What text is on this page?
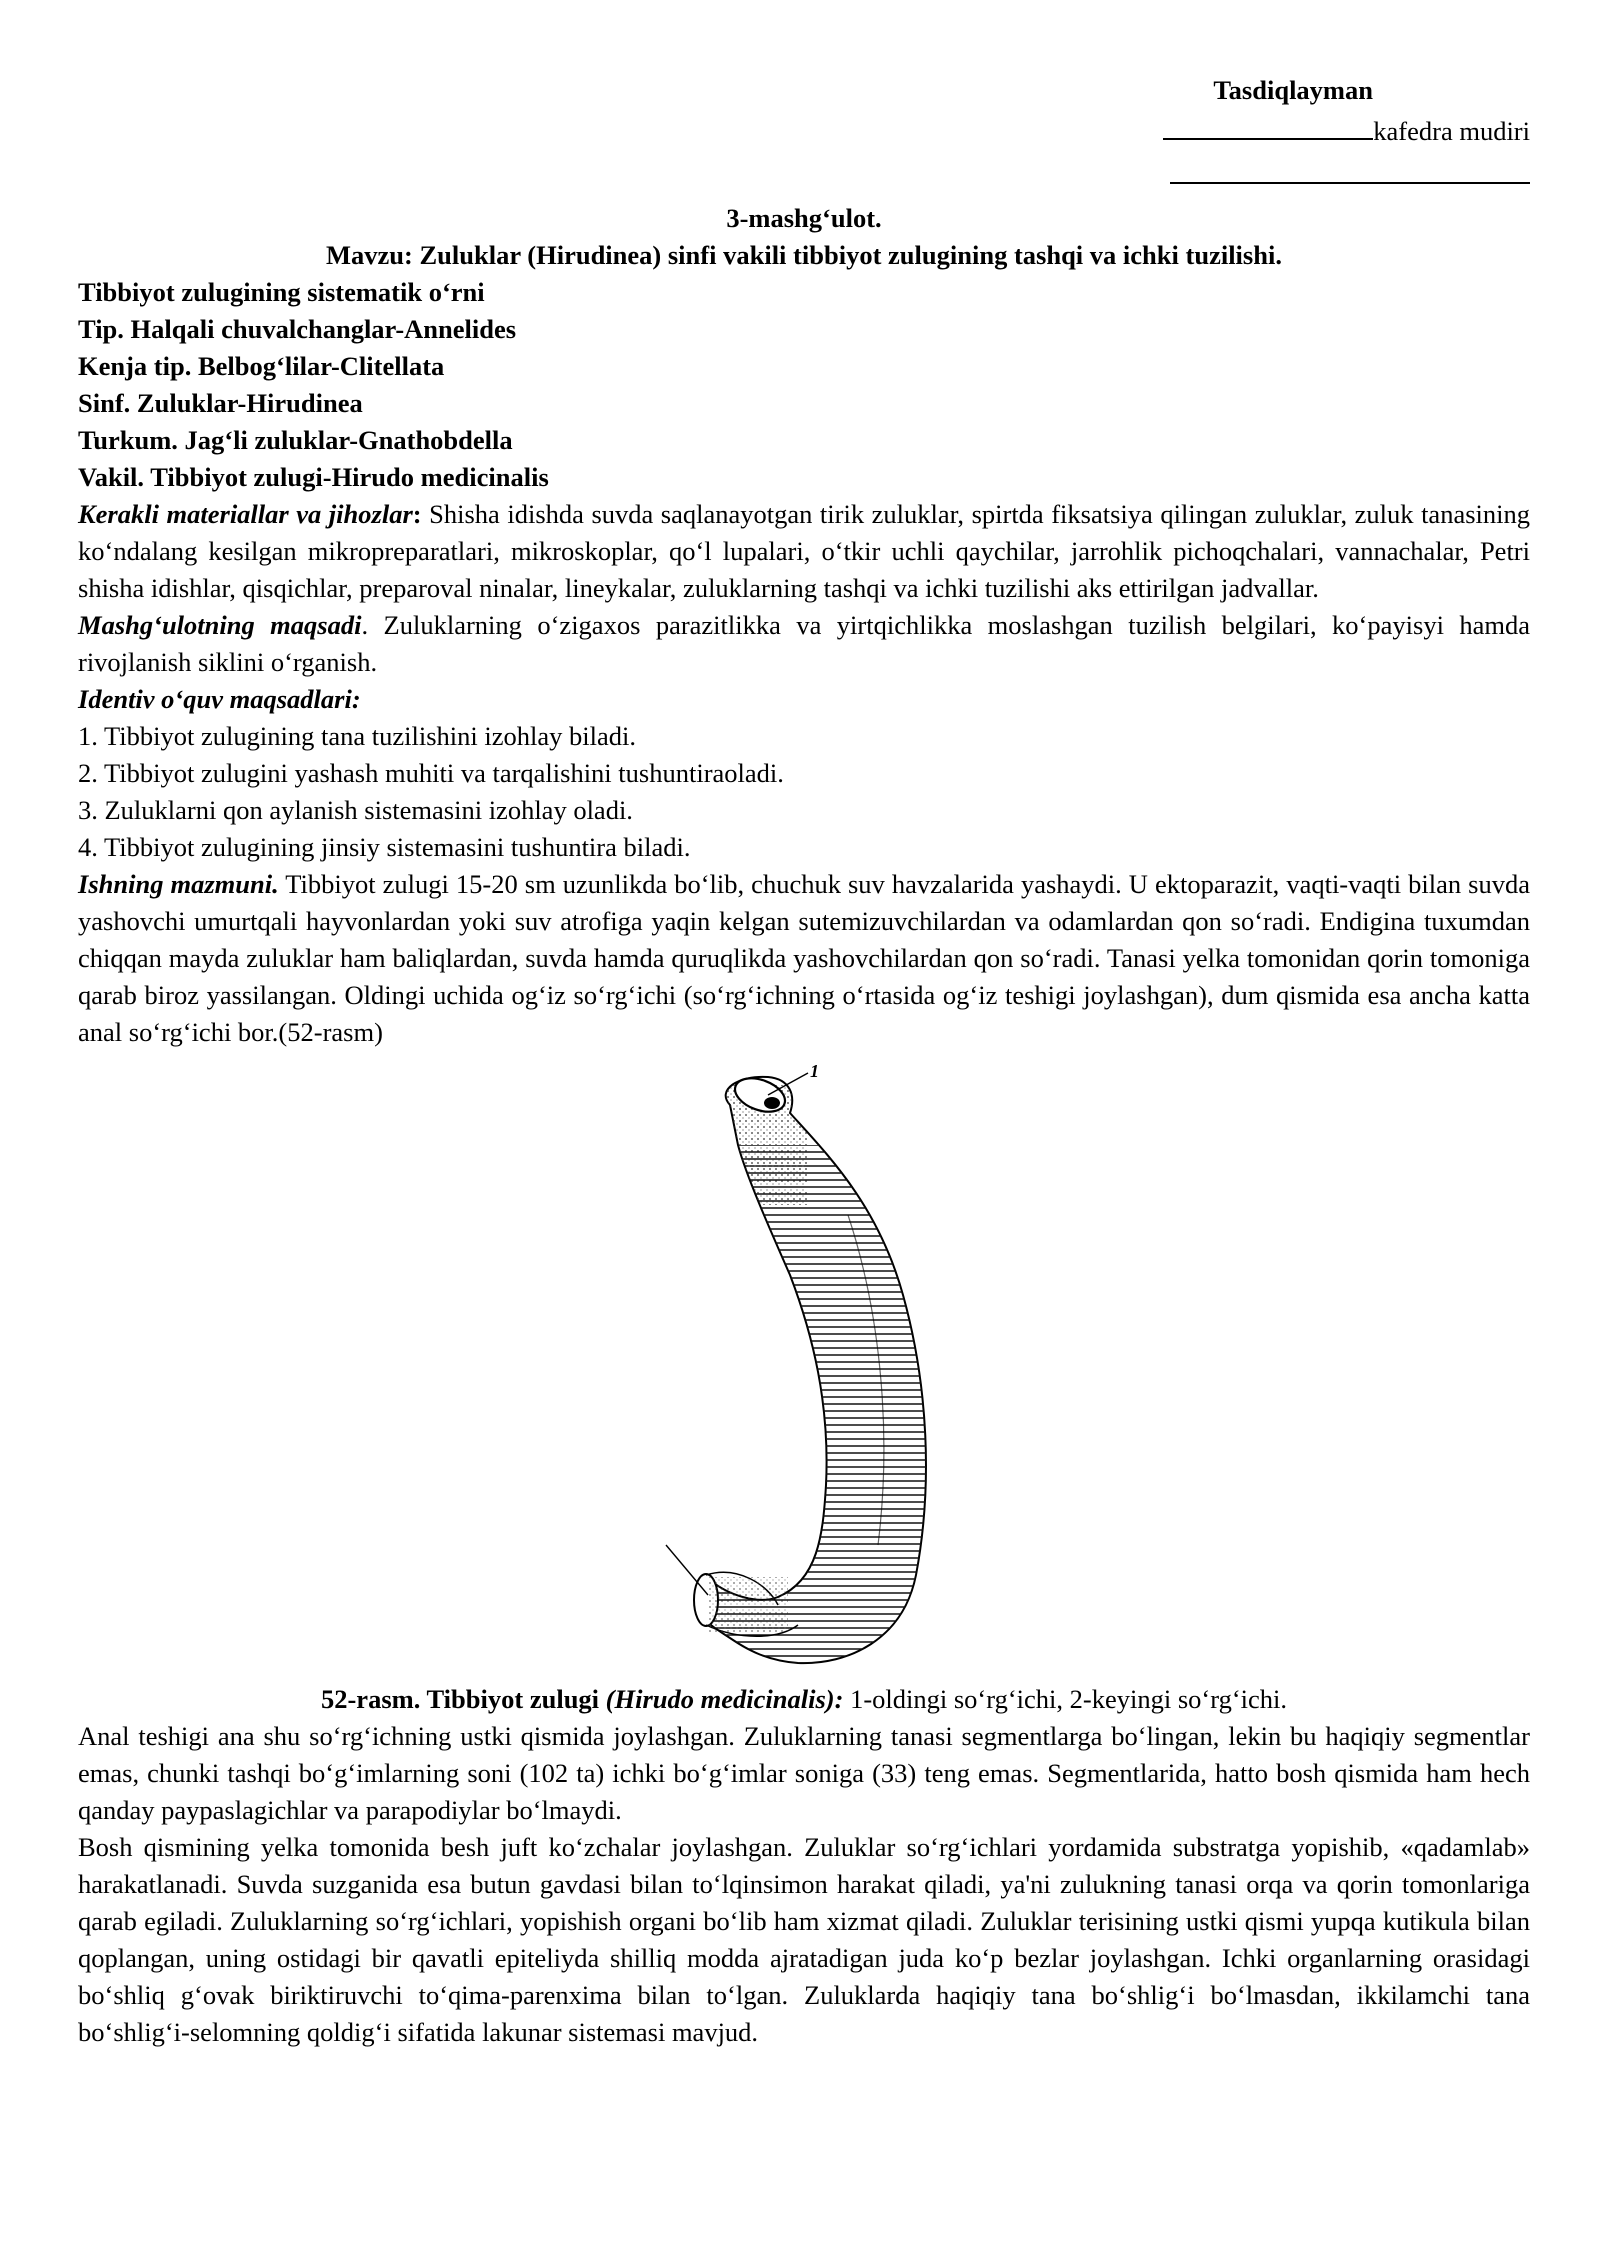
Tasdiqlayman
kafedra mudiri

3-mashg‘ulot.

Mavzu: Zuluklar (Hirudinea) sinfi vakili tibbiyot zulugining tashqi va ichki tuzilishi.

Tibbiyot zulugining sistematik o‘rni

Tip. Halqali chuvalchanglar-Annelides

Kenja tip. Belbog‘lilar-Clitellata

Sinf. Zuluklar-Hirudinea

Turkum. Jag‘li zuluklar-Gnathobdella

Vakil. Tibbiyot zulugi-Hirudo medicinalis

Kerakli materiallar va jihozlar: Shisha idishda suvda saqlanayotgan tirik zuluklar, spirtda fiksatsiya qilingan zuluklar, zuluk tanasining ko‘ndalang kesilgan mikropreparatlari, mikroskoplar, qo‘l lupalari, o‘tkir uchli qaychilar, jarrohlik pichoqchalari, vannachalar, Petri shisha idishlar, qisqichlar, preparoval ninalar, lineykalar, zuluklarning tashqi va ichki tuzilishi aks ettirilgan jadvallar.

Mashg‘ulotning maqsadi. Zuluklarning o‘zigaxos parazitlikka va yirtqichlikka moslashgan tuzilish belgilari, ko‘payisyi hamda rivojlanish siklini o‘rganish.

Identiv o‘quv maqsadlari:

1. Tibbiyot zulugining tana tuzilishini izohlay biladi.

2. Tibbiyot zulugini yashash muhiti va tarqalishini tushuntiraoladi.

3. Zuluklarni qon aylanish sistemasini izohlay oladi.

4. Tibbiyot zulugining jinsiy sistemasini tushuntira biladi.

Ishning mazmuni. Tibbiyot zulugi 15-20 sm uzunlikda bo‘lib, chuchuk suv havzalarida yashaydi. U ektoparazit, vaqti-vaqti bilan suvda yashovchi umurtqali hayvonlardan yoki suv atrofiga yaqin kelgan sutemizuvchilardan va odamlardan qon so‘radi. Endigina tuxumdan chiqqan mayda zuluklar ham baliqlardan, suvda hamda quruqlikda yashovchilardan qon so‘radi. Tanasi yelka tomonidan qorin tomoniga qarab biroz yassilangan. Oldingi uchida og‘iz so‘rg‘ichi (so‘rg‘ichning o‘rtasida og‘iz teshigi joylashgan), dum qismida esa ancha katta anal so‘rg‘ichi bor.(52-rasm)

1

52-rasm. Tibbiyot zulugi (Hirudo medicinalis): 1-oldingi so‘rg‘ichi, 2-keyingi so‘rg‘ichi.

Anal teshigi ana shu so‘rg‘ichning ustki qismida joylashgan. Zuluklarning tanasi segmentlarga bo‘lingan, lekin bu haqiqiy segmentlar emas, chunki tashqi bo‘g‘imlarning soni (102 ta) ichki bo‘g‘imlar soniga (33) teng emas. Segmentlarida, hatto bosh qismida ham hech qanday paypaslagichlar va parapodiylar bo‘lmaydi.

Bosh qismining yelka tomonida besh juft ko‘zchalar joylashgan. Zuluklar so‘rg‘ichlari yordamida substratga yopishib, «qadamlab» harakatlanadi. Suvda suzganida esa butun gavdasi bilan to‘lqinsimon harakat qiladi, ya'ni zulukning tanasi orqa va qorin tomonlariga qarab egiladi. Zuluklarning so‘rg‘ichlari, yopishish organi bo‘lib ham xizmat qiladi. Zuluklar terisining ustki qismi yupqa kutikula bilan qoplangan, uning ostidagi bir qavatli epiteliyda shilliq modda ajratadigan juda ko‘p bezlar joylashgan. Ichki organlarning orasidagi bo‘shliq g‘ovak biriktiruvchi to‘qima-parenxima bilan to‘lgan. Zuluklarda haqiqiy tana bo‘shlig‘i bo‘lmasdan, ikkilamchi tana bo‘shlig‘i-selomning qoldig‘i sifatida lakunar sistemasi mavjud.
